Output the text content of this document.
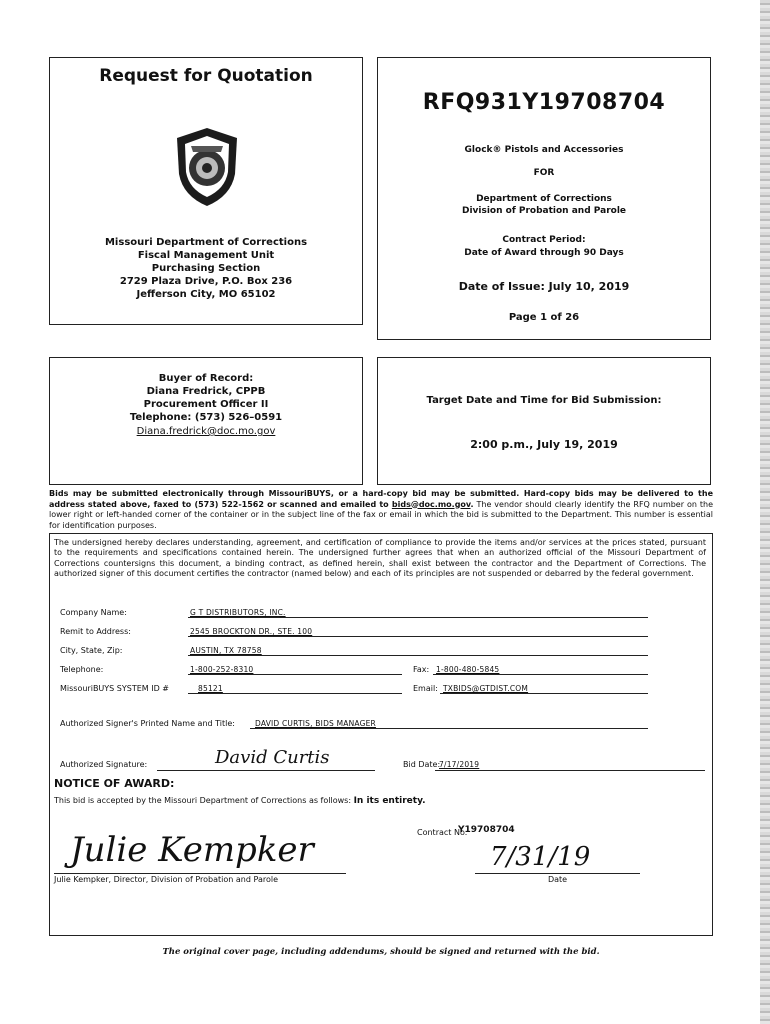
Request for Quotation
Missouri Department of Corrections
Fiscal Management Unit
Purchasing Section
2729 Plaza Drive, P.O. Box 236
Jefferson City, MO 65102
RFQ931Y19708704
Glock® Pistols and Accessories
FOR
Department of Corrections
Division of Probation and Parole
Contract Period:
Date of Award through 90 Days
Date of Issue: July 10, 2019
Page 1 of 26
Buyer of Record:
Diana Fredrick, CPPB
Procurement Officer II
Telephone: (573) 526–0591
Diana.fredrick@doc.mo.gov
Target Date and Time for Bid Submission:
2:00 p.m., July 19, 2019
Bids may be submitted electronically through MissouriBUYS, or a hard-copy bid may be submitted. Hard-copy bids may be delivered to the address stated above, faxed to (573) 522-1562 or scanned and emailed to bids@doc.mo.gov. The vendor should clearly identify the RFQ number on the lower right or left-handed corner of the container or in the subject line of the fax or email in which the bid is submitted to the Department. This number is essential for identification purposes.
The undersigned hereby declares understanding, agreement, and certification of compliance to provide the items and/or services at the prices stated, pursuant to the requirements and specifications contained herein. The undersigned further agrees that when an authorized official of the Missouri Department of Corrections countersigns this document, a binding contract, as defined herein, shall exist between the contractor and the Department of Corrections. The authorized signer of this document certifies the contractor (named below) and each of its principles are not suspended or debarred by the federal government.
Company Name:	G T DISTRIBUTORS, INC.
Remit to Address:	2545 BROCKTON DR., STE. 100
City, State, Zip:	AUSTIN, TX 78758
Telephone:	1-800-252-8310	Fax: 1-800-480-5845
MissouriBUYS SYSTEM ID #	85121	Email: TXBIDS@GTDIST.COM
Authorized Signer's Printed Name and Title:	DAVID CURTIS, BIDS MANAGER
Authorized Signature:	David Curtis	Bid Date:
7/17/2019
NOTICE OF AWARD:
This bid is accepted by the Missouri Department of Corrections as follows: In its entirety.
Contract No.
Y19708704
Julie Kempker
Julie Kempker, Director, Division of Probation and Parole
7/31/19
Date
The original cover page, including addendums, should be signed and returned with the bid.
